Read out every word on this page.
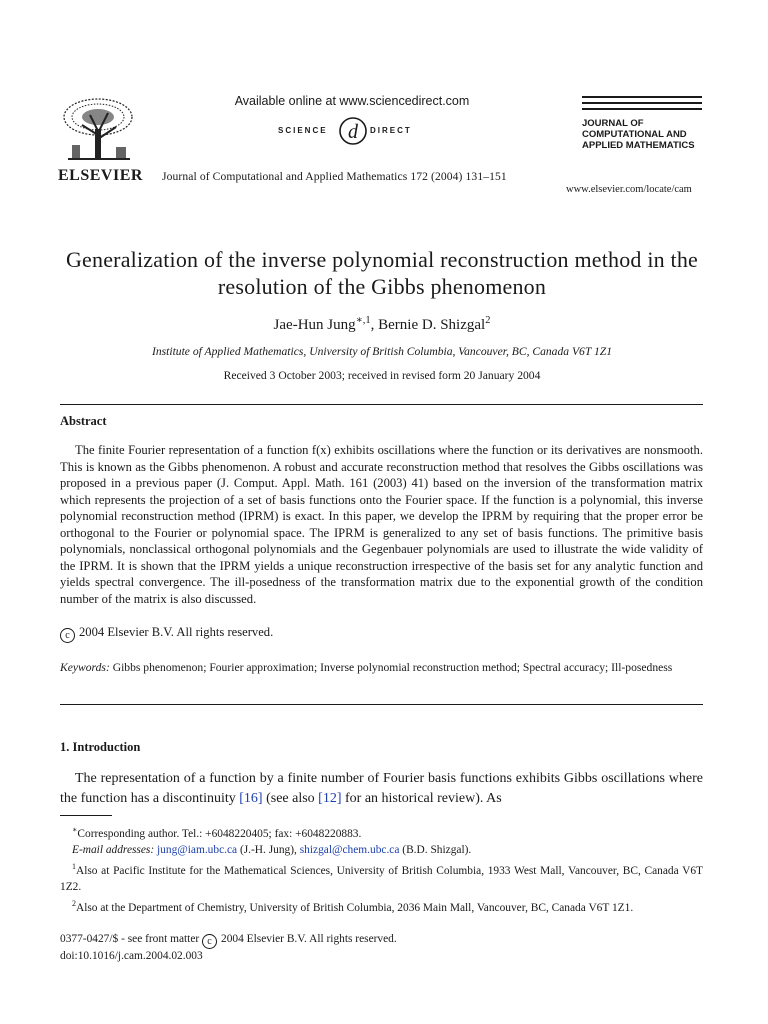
ELSEVIER
Available online at www.sciencedirect.com
SCIENCE d DIRECT
Journal of Computational and Applied Mathematics 172 (2004) 131–151
JOURNAL OF COMPUTATIONAL AND APPLIED MATHEMATICS
www.elsevier.com/locate/cam
Generalization of the inverse polynomial reconstruction method in the resolution of the Gibbs phenomenon
Jae-Hun Jung$^{∗,1}$, Bernie D. Shizgal$^2$
Institute of Applied Mathematics, University of British Columbia, Vancouver, BC, Canada V6T 1Z1
Received 3 October 2003; received in revised form 20 January 2004
Abstract

The finite Fourier representation of a function f(x) exhibits oscillations where the function or its derivatives are nonsmooth. This is known as the Gibbs phenomenon. A robust and accurate reconstruction method that resolves the Gibbs oscillations was proposed in a previous paper (J. Comput. Appl. Math. 161 (2003) 41) based on the inversion of the transformation matrix which represents the projection of a set of basis functions onto the Fourier space. If the function is a polynomial, this inverse polynomial reconstruction method (IPRM) is exact. In this paper, we develop the IPRM by requiring that the proper error be orthogonal to the Fourier or polynomial space. The IPRM is generalized to any set of basis functions. The primitive basis polynomials, nonclassical orthogonal polynomials and the Gegenbauer polynomials are used to illustrate the wide validity of the IPRM. It is shown that the IPRM yields a unique reconstruction irrespective of the basis set for any analytic function and yields spectral convergence. The ill-posedness of the transformation matrix due to the exponential growth of the condition number of the matrix is also discussed.

c 2004 Elsevier B.V. All rights reserved.
Keywords: Gibbs phenomenon; Fourier approximation; Inverse polynomial reconstruction method; Spectral accuracy; Ill-posedness
1. Introduction

The representation of a function by a finite number of Fourier basis functions exhibits Gibbs oscillations where the function has a discontinuity [16] (see also [12] for an historical review). As

∗Corresponding author. Tel.: +6048220405; fax: +6048220883.

E-mail addresses: jung@iam.ubc.ca (J.-H. Jung), shizgal@chem.ubc.ca (B.D. Shizgal).

$^1$Also at Pacific Institute for the Mathematical Sciences, University of British Columbia, 1933 West Mall, Vancouver, BC, Canada V6T 1Z2.

$^2$Also at the Department of Chemistry, University of British Columbia, 2036 Main Mall, Vancouver, BC, Canada V6T 1Z1.

0377-0427/$ - see front matter c 2004 Elsevier B.V. All rights reserved.
doi:10.1016/j.cam.2004.02.003
